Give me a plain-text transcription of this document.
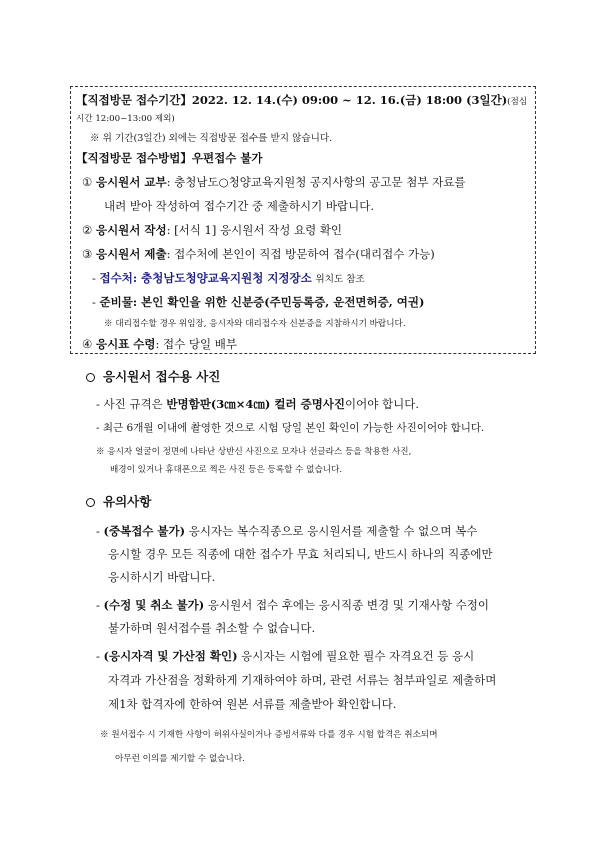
【직접방문 접수기간】2022. 12. 14.(수) 09:00 ~ 12. 16.(금) 18:00 (3일간)(점심
시간 12:00~13:00 제외)
※ 위 기간(3일간) 외에는 직접방문 접수를 받지 않습니다.
【직접방문 접수방법】우편접수 불가
① 응시원서 교부: 충청남도○청양교육지원청 공지사항의 공고문 첨부 자료를
내려 받아 작성하여 접수기간 중 제출하시기 바랍니다.
② 응시원서 작성: [서식 1] 응시원서 작성 요령 확인
③ 응시원서 제출: 접수처에 본인이 직접 방문하여 접수(대리접수 가능)
- 접수처: 충청남도청양교육지원청 지정장소 위치도 참조
- 준비물: 본인 확인을 위한 신분증(주민등록증, 운전면허증, 여권)
※ 대리접수할 경우 위임장, 응시자와 대리접수자 신분증을 지참하시기 바랍니다.
④ 응시표 수령: 접수 당일 배부
응시원서 접수용 사진
- 사진 규격은 반명함판(3㎝×4㎝) 컬러 증명사진이어야 합니다.
- 최근 6개월 이내에 촬영한 것으로 시험 당일 본인 확인이 가능한 사진이어야 합니다.
※ 응시자 얼굴이 정면에 나타난 상반신 사진으로 모자나 선글라스 등을 착용한 사진,
배경이 있거나 휴대폰으로 찍은 사진 등은 등록할 수 없습니다.
유의사항
- (중복접수 불가) 응시자는 복수직종으로 응시원서를 제출할 수 없으며 복수
응시할 경우 모든 직종에 대한 접수가 무효 처리되니, 반드시 하나의 직종에만
응시하시기 바랍니다.
- (수정 및 취소 불가) 응시원서 접수 후에는 응시직종 변경 및 기재사항 수정이
불가하며 원서접수를 취소할 수 없습니다.
- (응시자격 및 가산점 확인) 응시자는 시험에 필요한 필수 자격요건 등 응시
자격과 가산점을 정확하게 기재하여야 하며, 관련 서류는 첨부파일로 제출하며
제1차 합격자에 한하여 원본 서류를 제출받아 확인합니다.
※ 원서접수 시 기재한 사항이 허위사실이거나 증빙서류와 다를 경우 시험 합격은 취소되며
아무런 이의를 제기할 수 없습니다.
